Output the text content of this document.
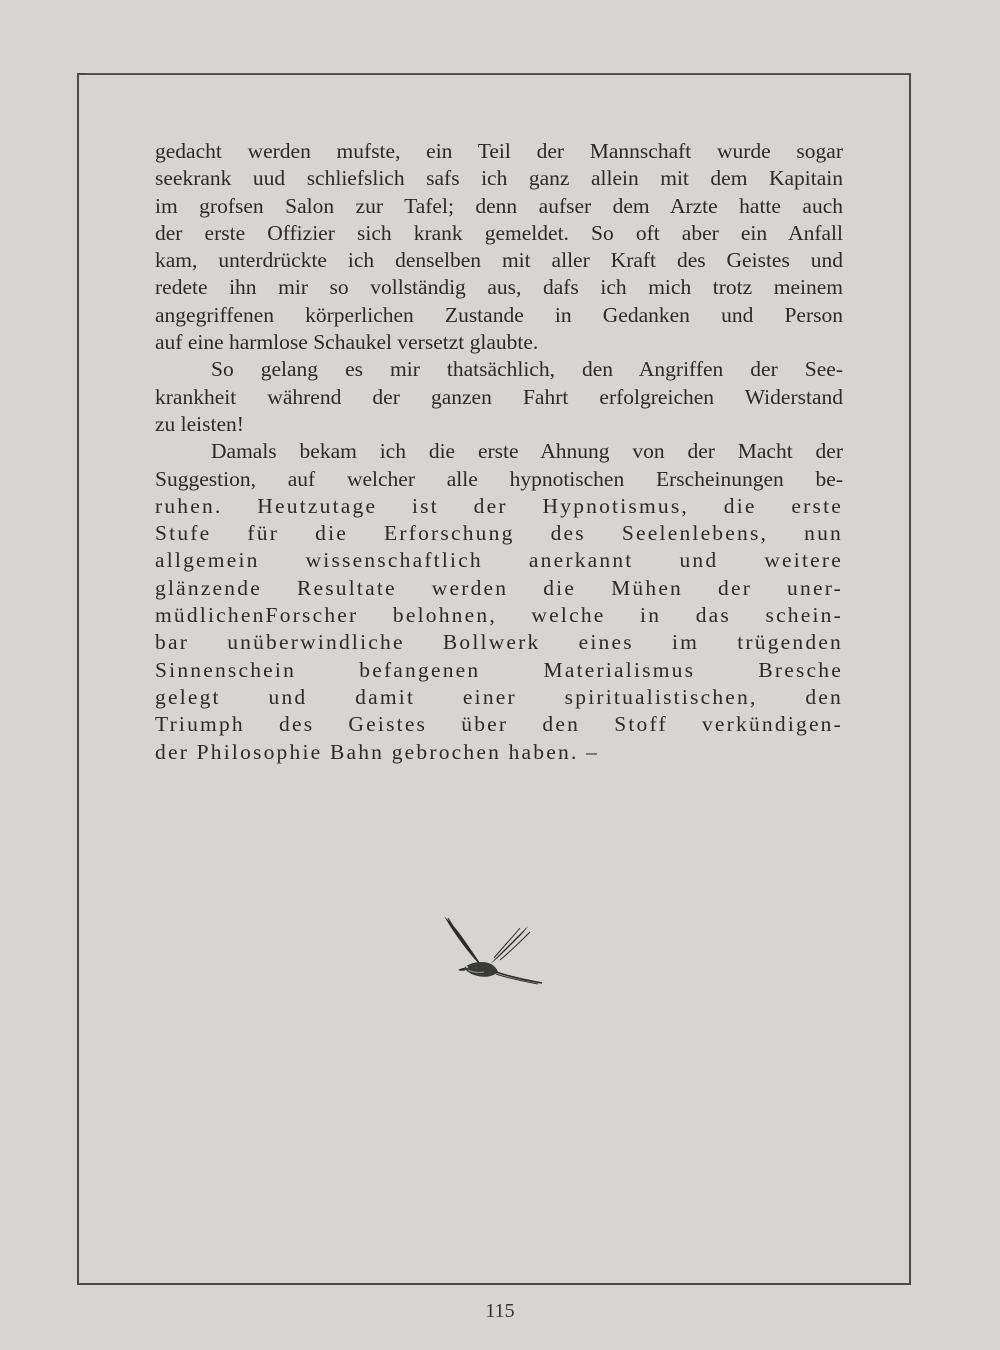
gedacht werden mufste, ein Teil der Mannschaft wurde sogar
seekrank uud schliefslich safs ich ganz allein mit dem Kapitain
im grofsen Salon zur Tafel; denn aufser dem Arzte hatte auch
der erste Offizier sich krank gemeldet. So oft aber ein Anfall
kam, unterdrückte ich denselben mit aller Kraft des Geistes und
redete ihn mir so vollständig aus, dafs ich mich trotz meinem
angegriffenen körperlichen Zustande in Gedanken und Person
auf eine harmlose Schaukel versetzt glaubte.
So gelang es mir thatsächlich, den Angriffen der See-
krankheit während der ganzen Fahrt erfolgreichen Widerstand
zu leisten!
Damals bekam ich die erste Ahnung von der Macht der
Suggestion, auf welcher alle hypnotischen Erscheinungen be-
ruhen. Heutzutage ist der Hypnotismus, die erste
Stufe für die Erforschung des Seelenlebens, nun
allgemein wissenschaftlich anerkannt und weitere
glänzende Resultate werden die Mühen der uner-
müdlichenForscher belohnen, welche in das schein-
bar unüberwindliche Bollwerk eines im trügenden
Sinnenschein befangenen Materialismus Bresche
gelegt und damit einer spiritualistischen, den
Triumph des Geistes über den Stoff verkündigen-
der Philosophie Bahn gebrochen haben. –
115
